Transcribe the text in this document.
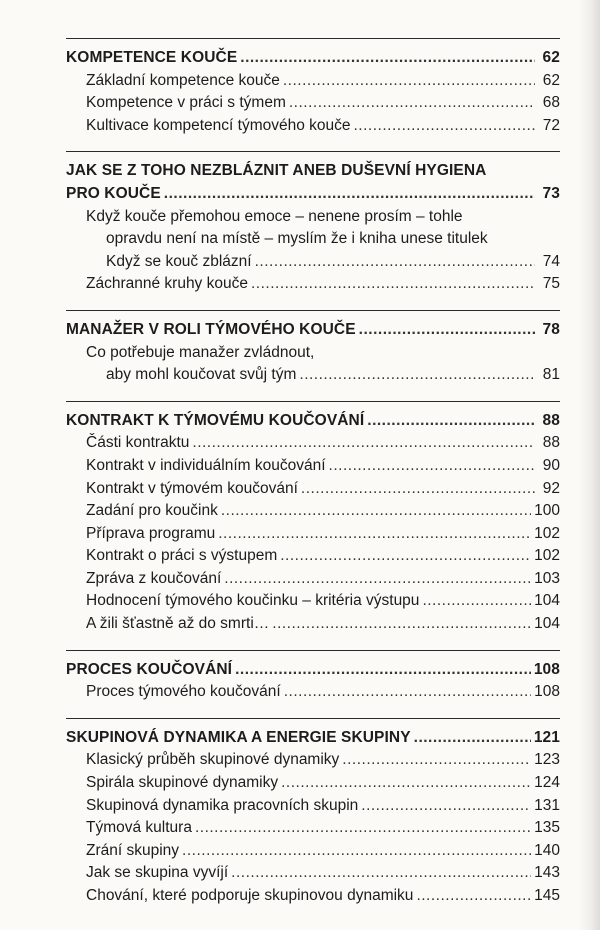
KOMPETENCE KOUČE .....	62
Základní kompetence kouče .....	62
Kompetence v práci s týmem .....	68
Kultivace kompetencí týmového kouče .....	72
JAK SE Z TOHO NEZBLÁZNIT ANEB DUŠEVNÍ HYGIENA
PRO KOUČE .....	73
Když kouče přemohou emoce – nenene prosím – tohle
opravdu není na místě – myslím že i kniha unese titulek
Když se kouč zblázní .....	74
Záchranné kruhy kouče .....	75
MANAŽER V ROLI TÝMOVÉHO KOUČE .....	78
Co potřebuje manažer zvládnout,
aby mohl koučovat svůj tým .....	81
KONTRAKT K TÝMOVÉMU KOUČOVÁNÍ .....	88
Části kontraktu .....	88
Kontrakt v individuálním koučování .....	90
Kontrakt v týmovém koučování .....	92
Zadání pro koučink .....	100
Příprava programu .....	102
Kontrakt o práci s výstupem .....	102
Zpráva z koučování .....	103
Hodnocení týmového koučinku – kritéria výstupu .....	104
A žili šťastně až do smrti… .....	104
PROCES KOUČOVÁNÍ .....	108
Proces týmového koučování .....	108
SKUPINOVÁ DYNAMIKA A ENERGIE SKUPINY .....	121
Klasický průběh skupinové dynamiky .....	123
Spirála skupinové dynamiky .....	124
Skupinová dynamika pracovních skupin .....	131
Týmová kultura .....	135
Zrání skupiny .....	140
Jak se skupina vyvíjí .....	143
Chování, které podporuje skupinovou dynamiku .....	145
